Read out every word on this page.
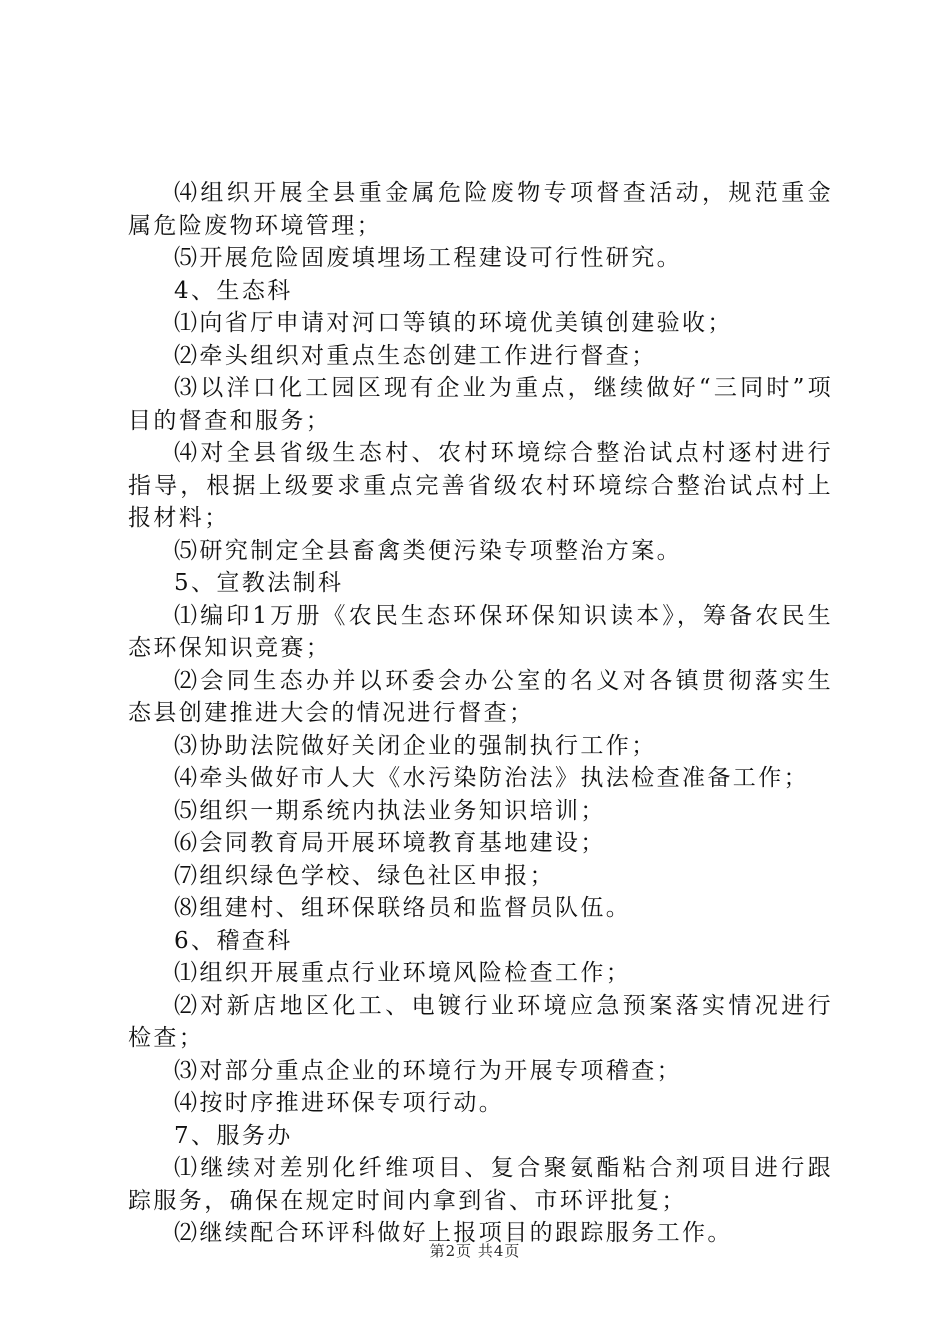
⑷组织开展全县重金属危险废物专项督查活动，规范重金属危险废物环境管理；

⑸开展危险固废填埋场工程建设可行性研究。

4、生态科

⑴向省厅申请对河口等镇的环境优美镇创建验收；

⑵牵头组织对重点生态创建工作进行督查；

⑶以洋口化工园区现有企业为重点，继续做好“三同时”项目的督查和服务；

⑷对全县省级生态村、农村环境综合整治试点村逐村进行指导，根据上级要求重点完善省级农村环境综合整治试点村上报材料；

⑸研究制定全县畜禽类便污染专项整治方案。

5、宣教法制科

⑴编印1万册《农民生态环保环保知识读本》，筹备农民生态环保知识竞赛；

⑵会同生态办并以环委会办公室的名义对各镇贯彻落实生态县创建推进大会的情况进行督查；

⑶协助法院做好关闭企业的强制执行工作；

⑷牵头做好市人大《水污染防治法》执法检查准备工作；

⑸组织一期系统内执法业务知识培训；

⑹会同教育局开展环境教育基地建设；

⑺组织绿色学校、绿色社区申报；

⑻组建村、组环保联络员和监督员队伍。

6、稽查科

⑴组织开展重点行业环境风险检查工作；

⑵对新店地区化工、电镀行业环境应急预案落实情况进行检查；

⑶对部分重点企业的环境行为开展专项稽查；

⑷按时序推进环保专项行动。

7、服务办

⑴继续对差别化纤维项目、复合聚氨酯粘合剂项目进行跟踪服务，确保在规定时间内拿到省、市环评批复；

⑵继续配合环评科做好上报项目的跟踪服务工作。

第2页 共4页
